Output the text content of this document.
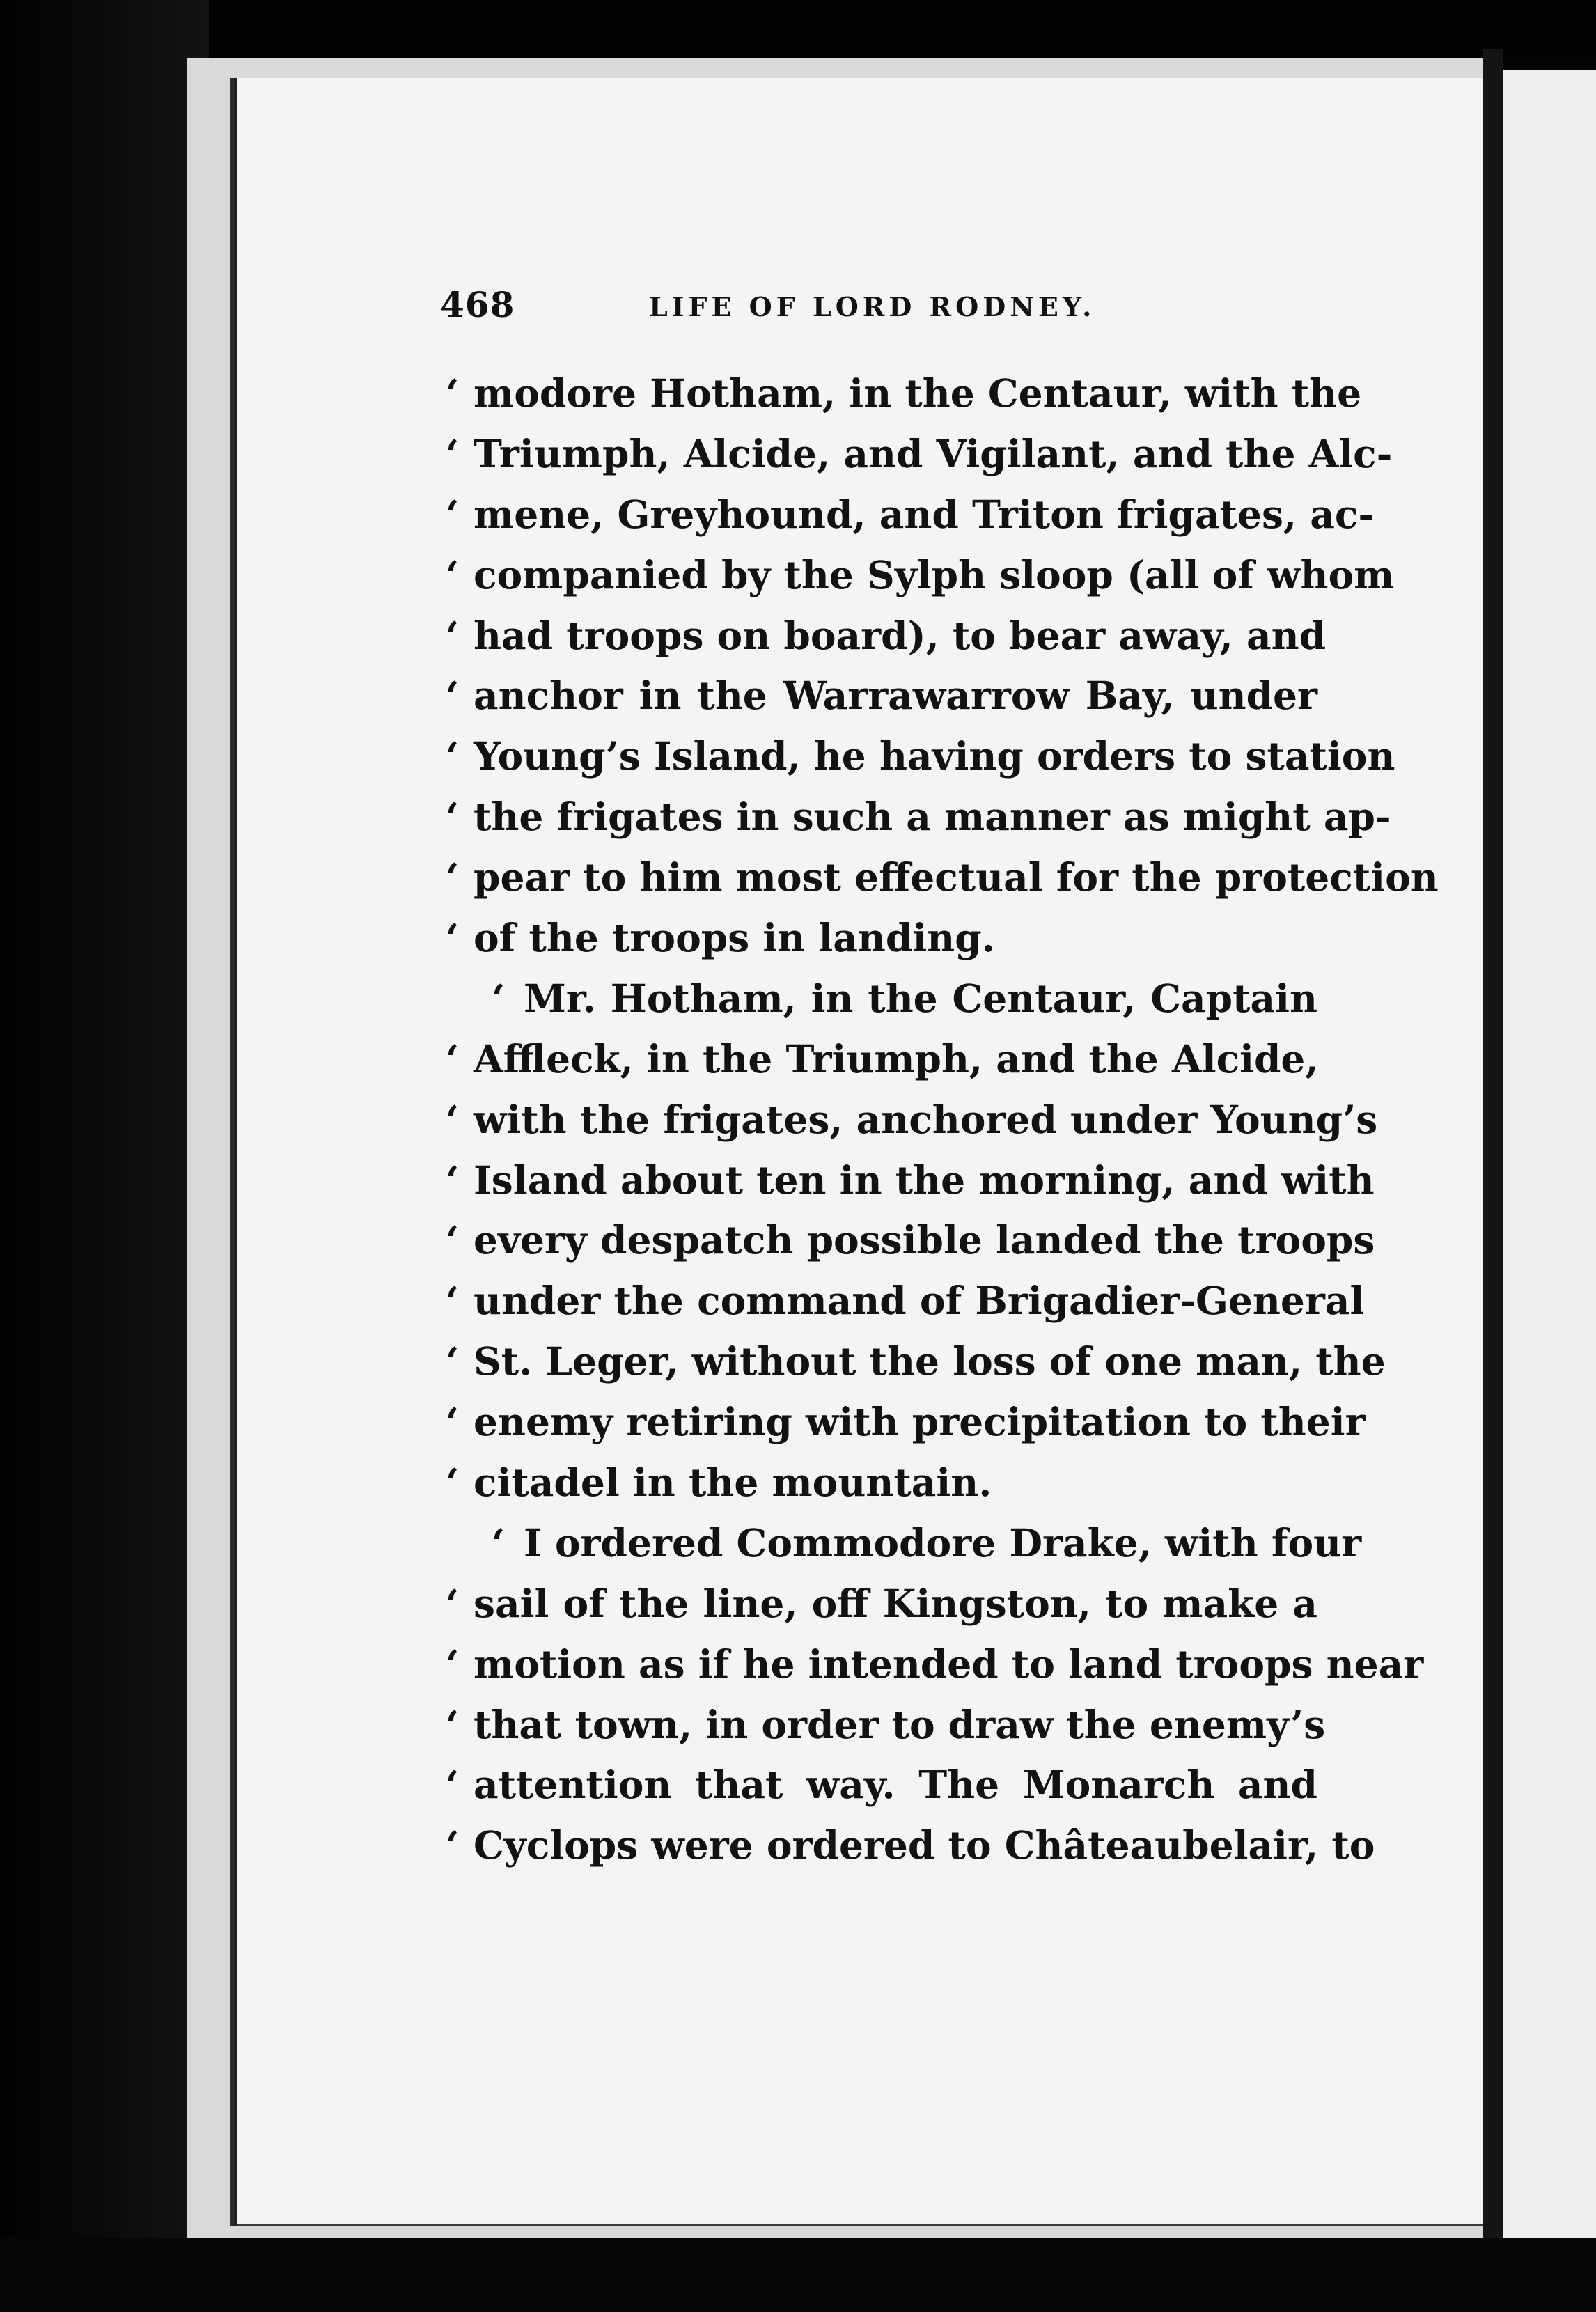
468	LIFE OF LORD RODNEY.
‘ modore Hotham, in the Centaur, with the
‘ Triumph, Alcide, and Vigilant, and the Alc-
‘ mene, Greyhound, and Triton frigates, ac-
‘ companied by the Sylph sloop (all of whom
‘ had troops on board), to bear away, and
‘ anchor in the Warrawarrow Bay, under
‘ Young’s Island, he having orders to station
‘ the frigates in such a manner as might ap-
‘ pear to him most effectual for the protection
‘ of the troops in landing.
‘ Mr. Hotham, in the Centaur, Captain
‘ Affleck, in the Triumph, and the Alcide,
‘ with the frigates, anchored under Young’s
‘ Island about ten in the morning, and with
‘ every despatch possible landed the troops
‘ under the command of Brigadier-General
‘ St. Leger, without the loss of one man, the
‘ enemy retiring with precipitation to their
‘ citadel in the mountain.
‘ I ordered Commodore Drake, with four
‘ sail of the line, off Kingston, to make a
‘ motion as if he intended to land troops near
‘ that town, in order to draw the enemy’s
‘ attention that way. The Monarch and
‘ Cyclops were ordered to Châteaubelair, to
